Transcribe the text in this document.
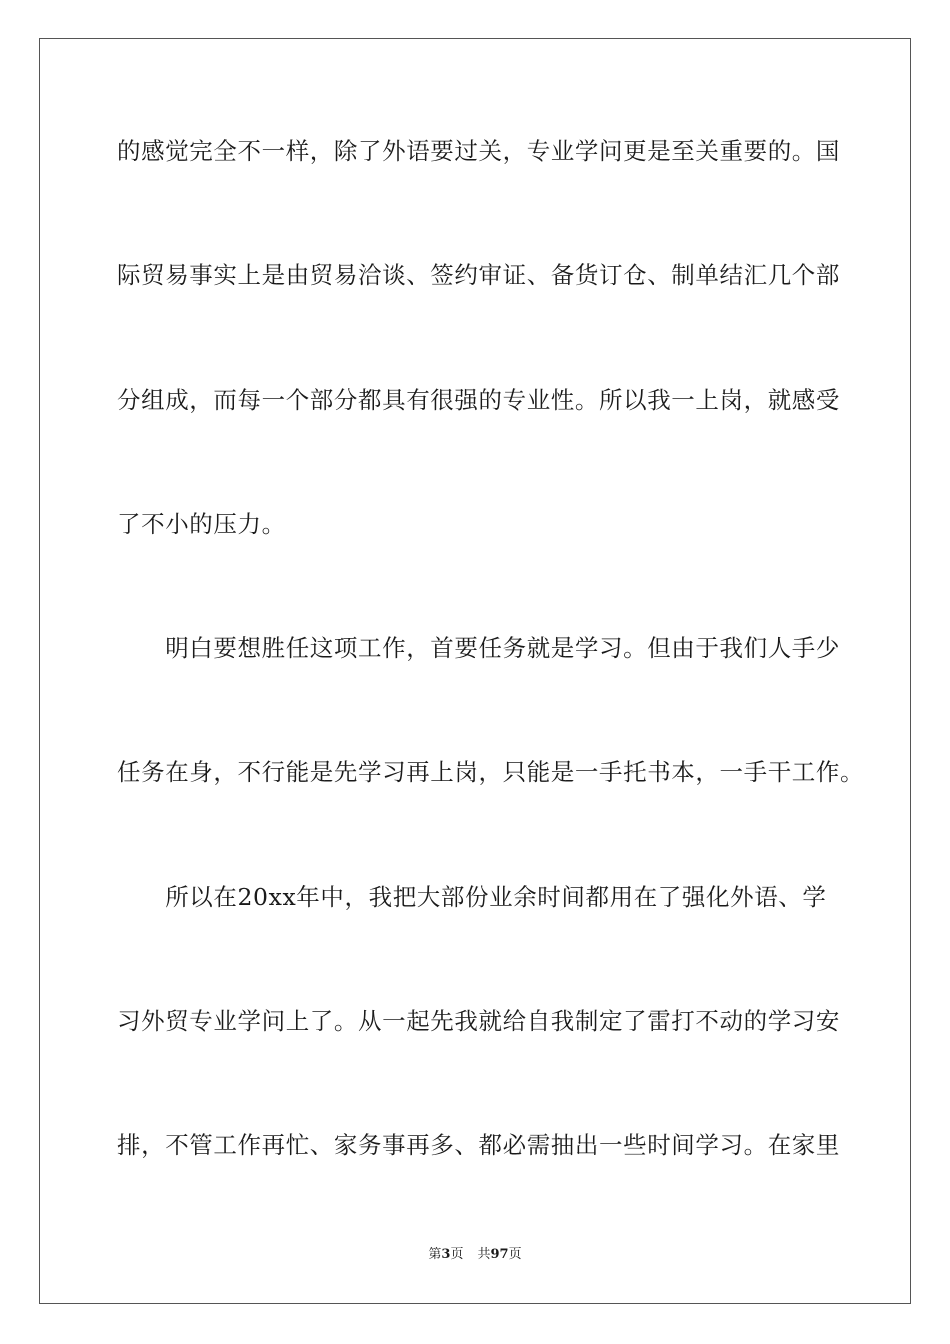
的感觉完全不一样，除了外语要过关，专业学问更是至关重要的。国
际贸易事实上是由贸易洽谈、签约审证、备货订仓、制单结汇几个部
分组成，而每一个部分都具有很强的专业性。所以我一上岗，就感受
了不小的压力。
　　明白要想胜任这项工作，首要任务就是学习。但由于我们人手少
任务在身，不行能是先学习再上岗，只能是一手托书本，一手干工作。
　　所以在20xx年中，我把大部份业余时间都用在了强化外语、学
习外贸专业学问上了。从一起先我就给自我制定了雷打不动的学习安
排，不管工作再忙、家务事再多、都必需抽出一些时间学习。在家里
第3页 共97页
